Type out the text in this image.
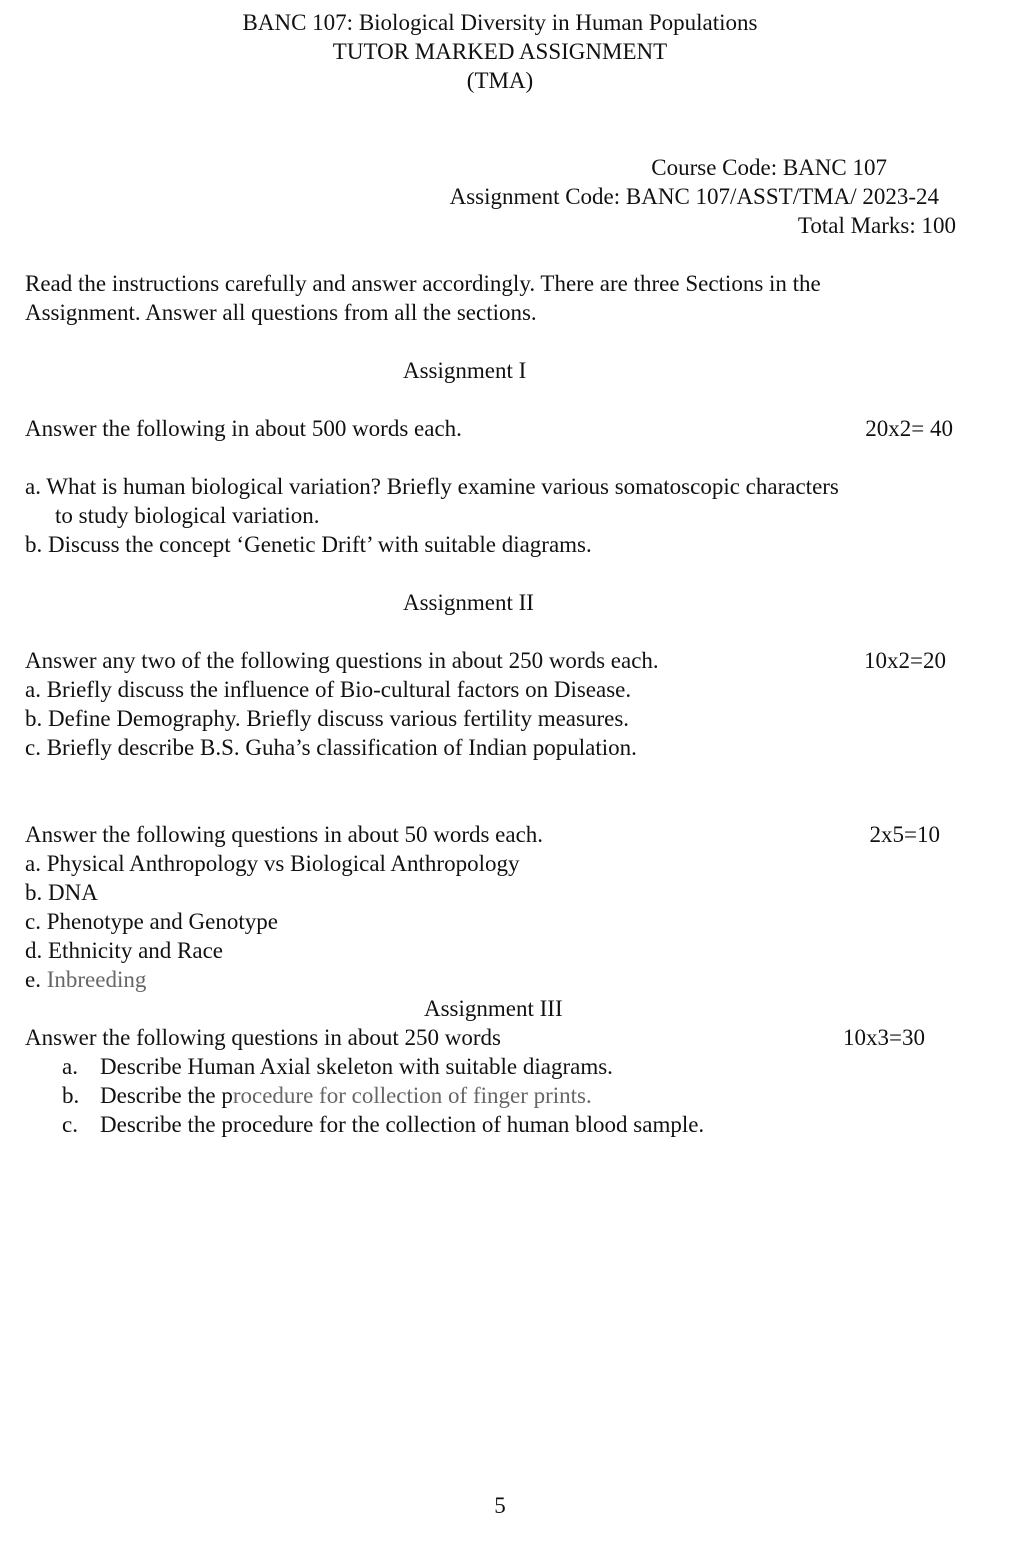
BANC 107: Biological Diversity in Human Populations
TUTOR MARKED ASSIGNMENT
(TMA)
Course Code: BANC 107
Assignment Code: BANC 107/ASST/TMA/ 2023-24
Total Marks: 100
Read the instructions carefully and answer accordingly. There are three Sections in the
Assignment. Answer all questions from all the sections.
Assignment I
Answer the following in about 500 words each.	20x2= 40
a. What is human biological variation? Briefly examine various somatoscopic characters
to study biological variation.
b. Discuss the concept ‘Genetic Drift’ with suitable diagrams.
Assignment II
Answer any two of the following questions in about 250 words each.	10x2=20
a. Briefly discuss the influence of Bio-cultural factors on Disease.
b. Define Demography. Briefly discuss various fertility measures.
c. Briefly describe B.S. Guha’s classification of Indian population.
Answer the following questions in about 50 words each.	2x5=10
a. Physical Anthropology vs Biological Anthropology
b. DNA
c. Phenotype and Genotype
d. Ethnicity and Race
e. Inbreeding
Assignment III
Answer the following questions in about 250 words	10x3=30
a. Describe Human Axial skeleton with suitable diagrams.
b. Describe the procedure for collection of finger prints.
c. Describe the procedure for the collection of human blood sample.
5
